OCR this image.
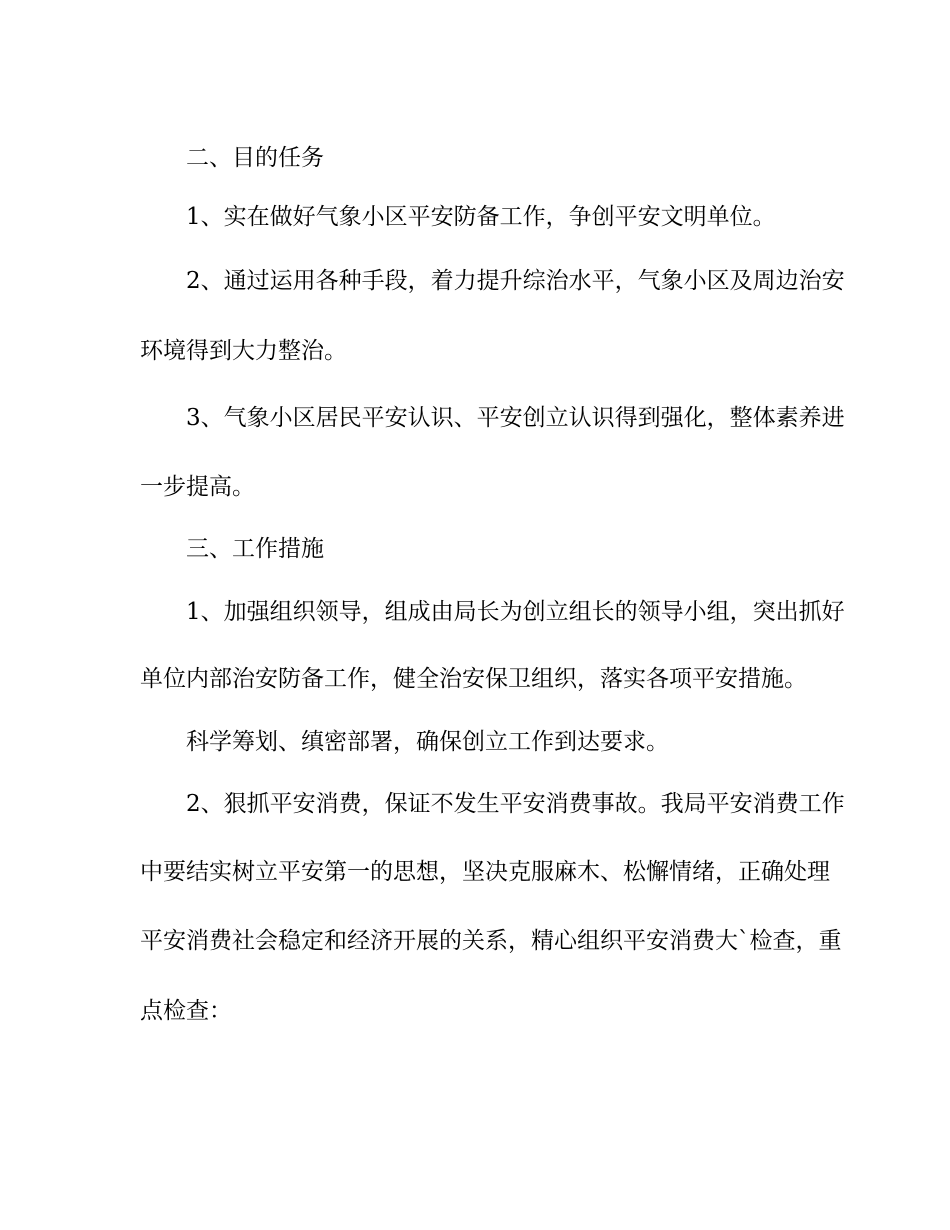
二、目的任务
1、实在做好气象小区平安防备工作，争创平安文明单位。
2、通过运用各种手段，着力提升综治水平，气象小区及周边治安
环境得到大力整治。
3、气象小区居民平安认识、平安创立认识得到强化，整体素养进
一步提高。
三、工作措施
1、加强组织领导，组成由局长为创立组长的领导小组，突出抓好
单位内部治安防备工作，健全治安保卫组织，落实各项平安措施。
科学筹划、缜密部署，确保创立工作到达要求。
2、狠抓平安消费，保证不发生平安消费事故。我局平安消费工作
中要结实树立平安第一的思想，坚决克服麻木、松懈情绪，正确处理
平安消费社会稳定和经济开展的关系，精心组织平安消费大`检查，重
点检查：
